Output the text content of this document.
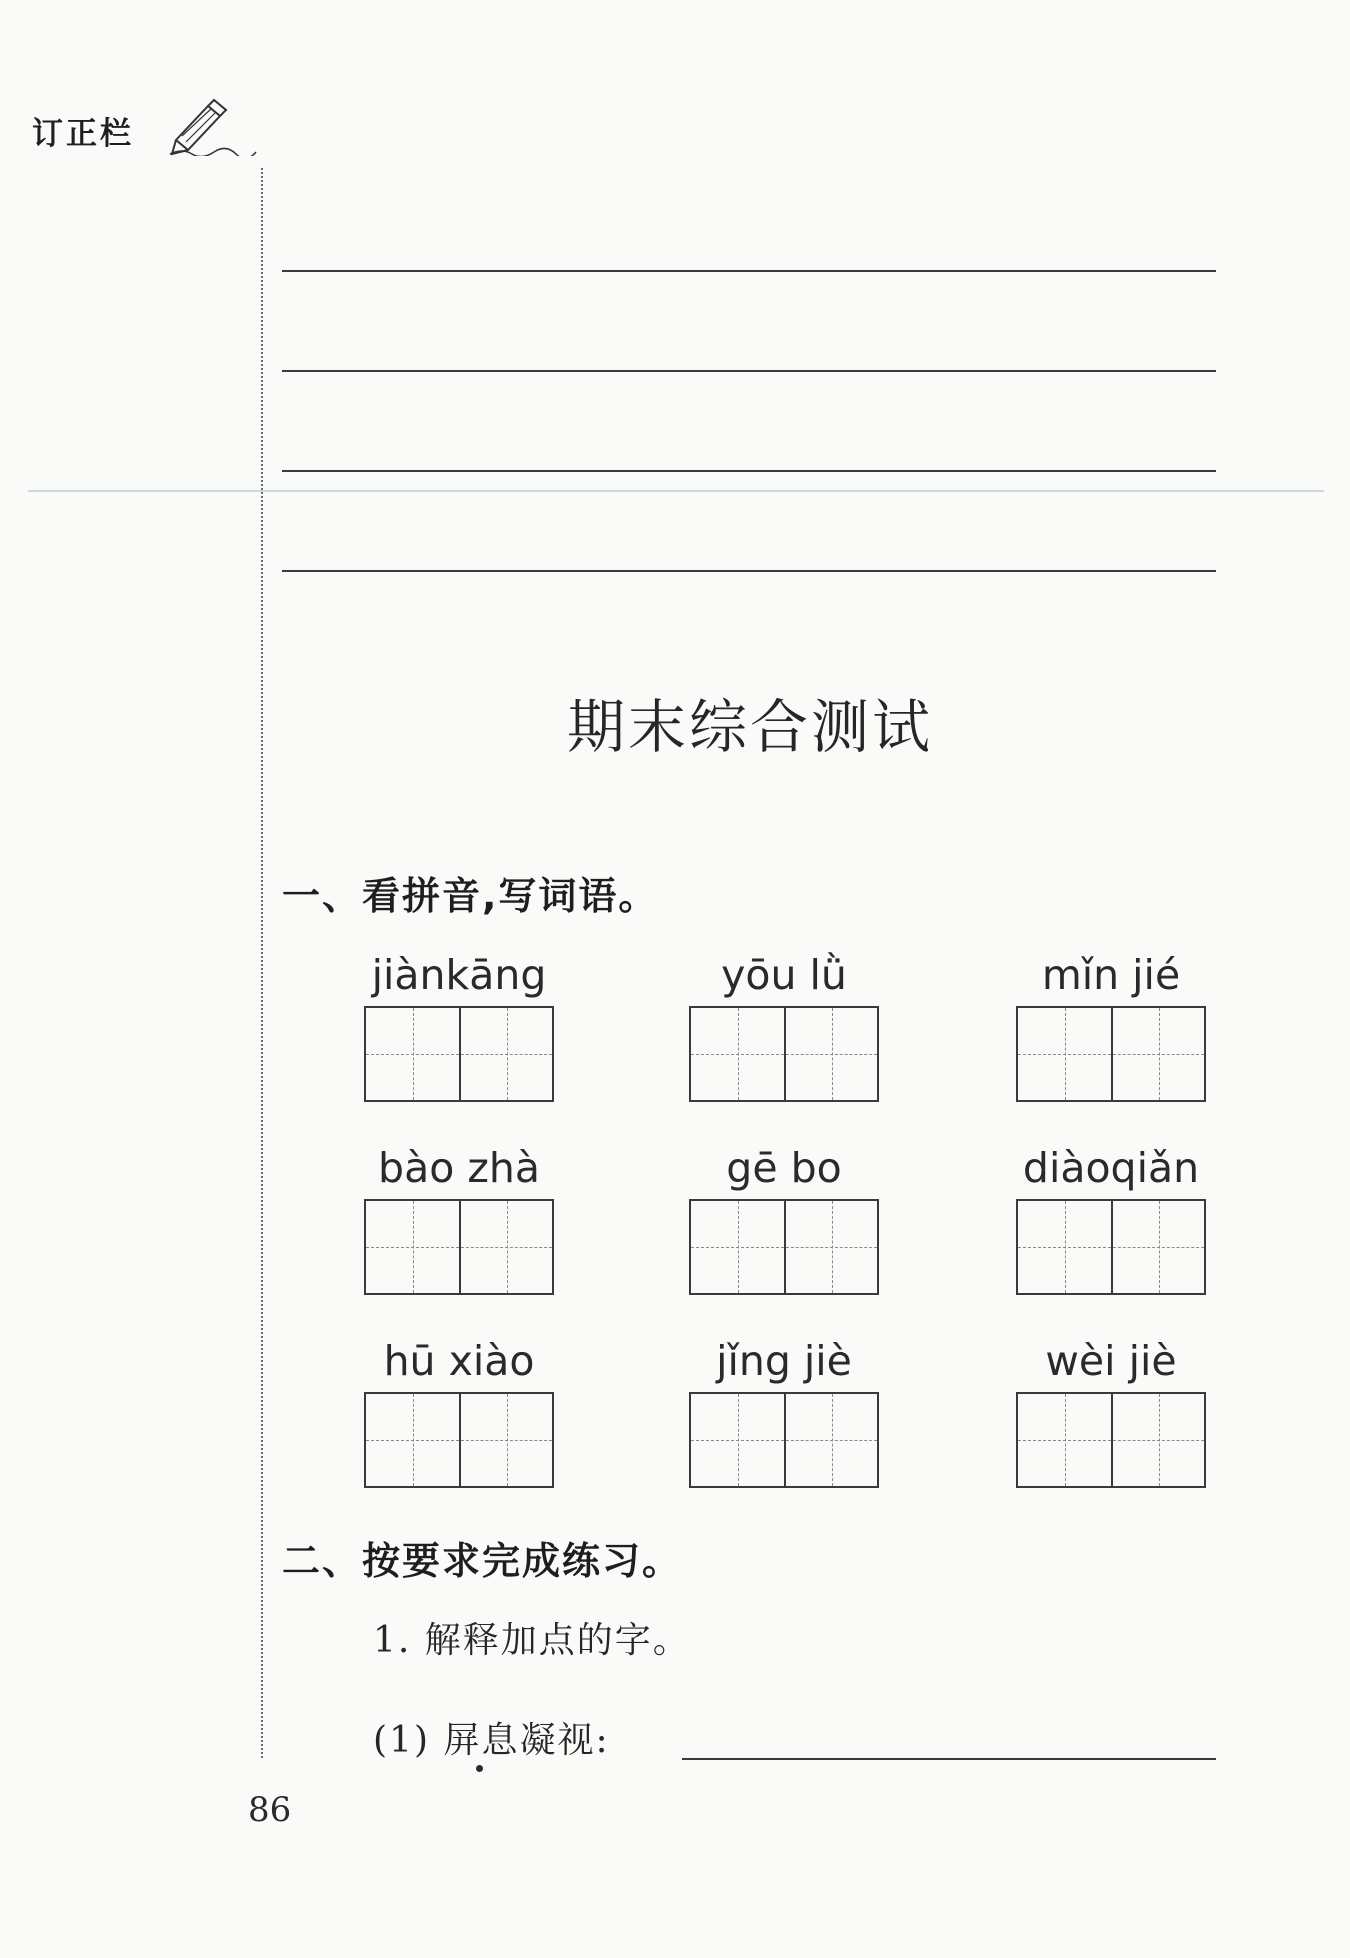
订正栏
期末综合测试
一、看拼音,写词语。
jiànkāng	yōu lǜ	mǐn jié
bào zhà	gē bo	diàoqiǎn
hū xiào	jǐng jiè	wèi jiè
二、按要求完成练习。
1. 解释加点的字。
(1) 屏息凝视:
86
